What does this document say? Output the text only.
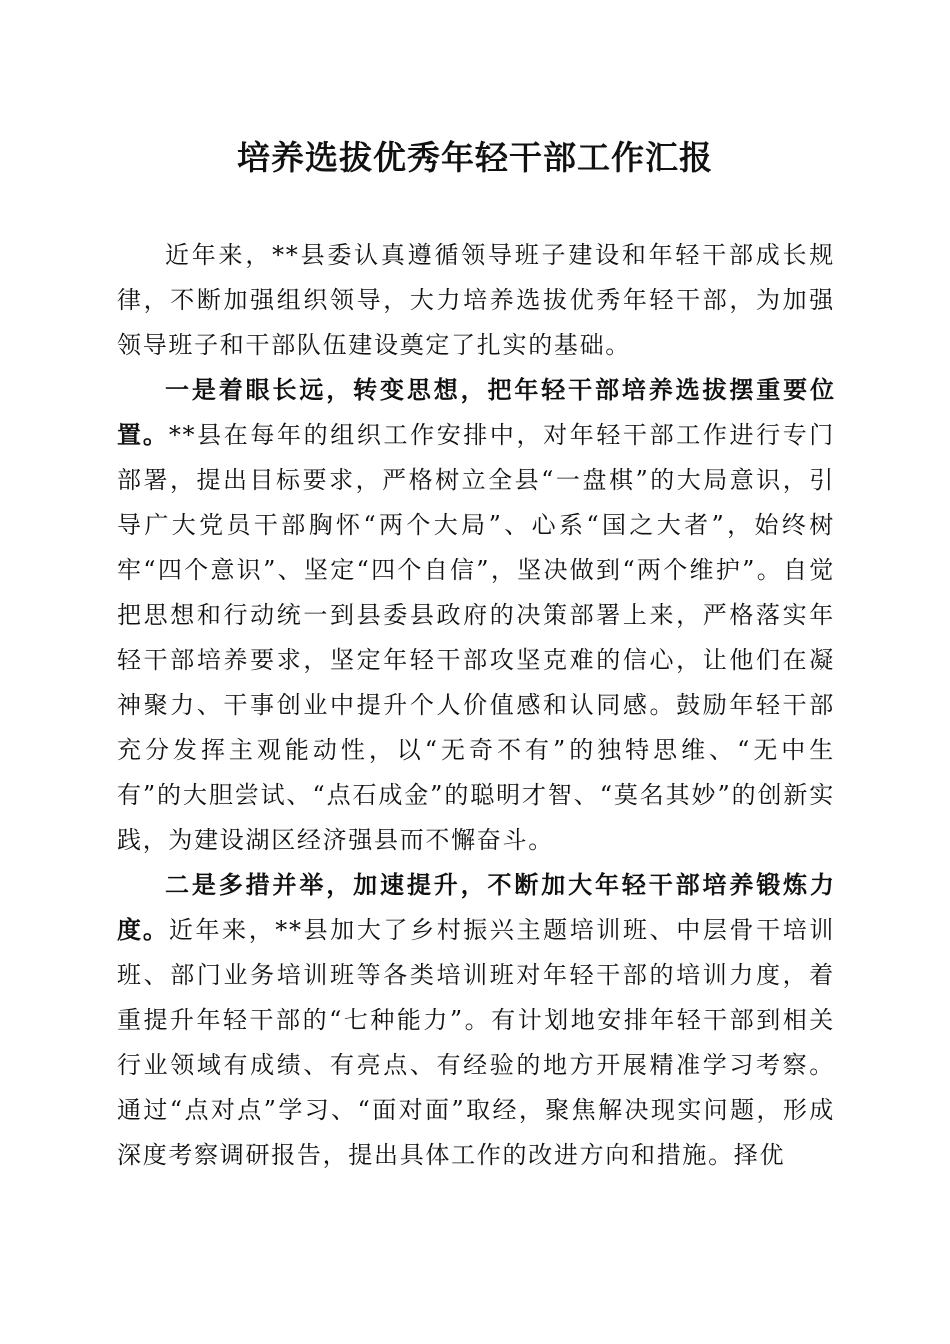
培养选拔优秀年轻干部工作汇报

近年来，**县委认真遵循领导班子建设和年轻干部成长规律，不断加强组织领导，大力培养选拔优秀年轻干部，为加强领导班子和干部队伍建设奠定了扎实的基础。

一是着眼长远，转变思想，把年轻干部培养选拔摆重要位置。**县在每年的组织工作安排中，对年轻干部工作进行专门部署，提出目标要求，严格树立全县“一盘棋”的大局意识，引导广大党员干部胸怀“两个大局”、心系“国之大者”，始终树牢“四个意识”、坚定“四个自信”，坚决做到“两个维护”。自觉把思想和行动统一到县委县政府的决策部署上来，严格落实年轻干部培养要求，坚定年轻干部攻坚克难的信心，让他们在凝神聚力、干事创业中提升个人价值感和认同感。鼓励年轻干部充分发挥主观能动性，以“无奇不有”的独特思维、“无中生有”的大胆尝试、“点石成金”的聪明才智、“莫名其妙”的创新实践，为建设湖区经济强县而不懈奋斗。

二是多措并举，加速提升，不断加大年轻干部培养锻炼力度。近年来，**县加大了乡村振兴主题培训班、中层骨干培训班、部门业务培训班等各类培训班对年轻干部的培训力度，着重提升年轻干部的“七种能力”。有计划地安排年轻干部到相关行业领域有成绩、有亮点、有经验的地方开展精准学习考察。通过“点对点”学习、“面对面”取经，聚焦解决现实问题，形成深度考察调研报告，提出具体工作的改进方向和措施。择优
